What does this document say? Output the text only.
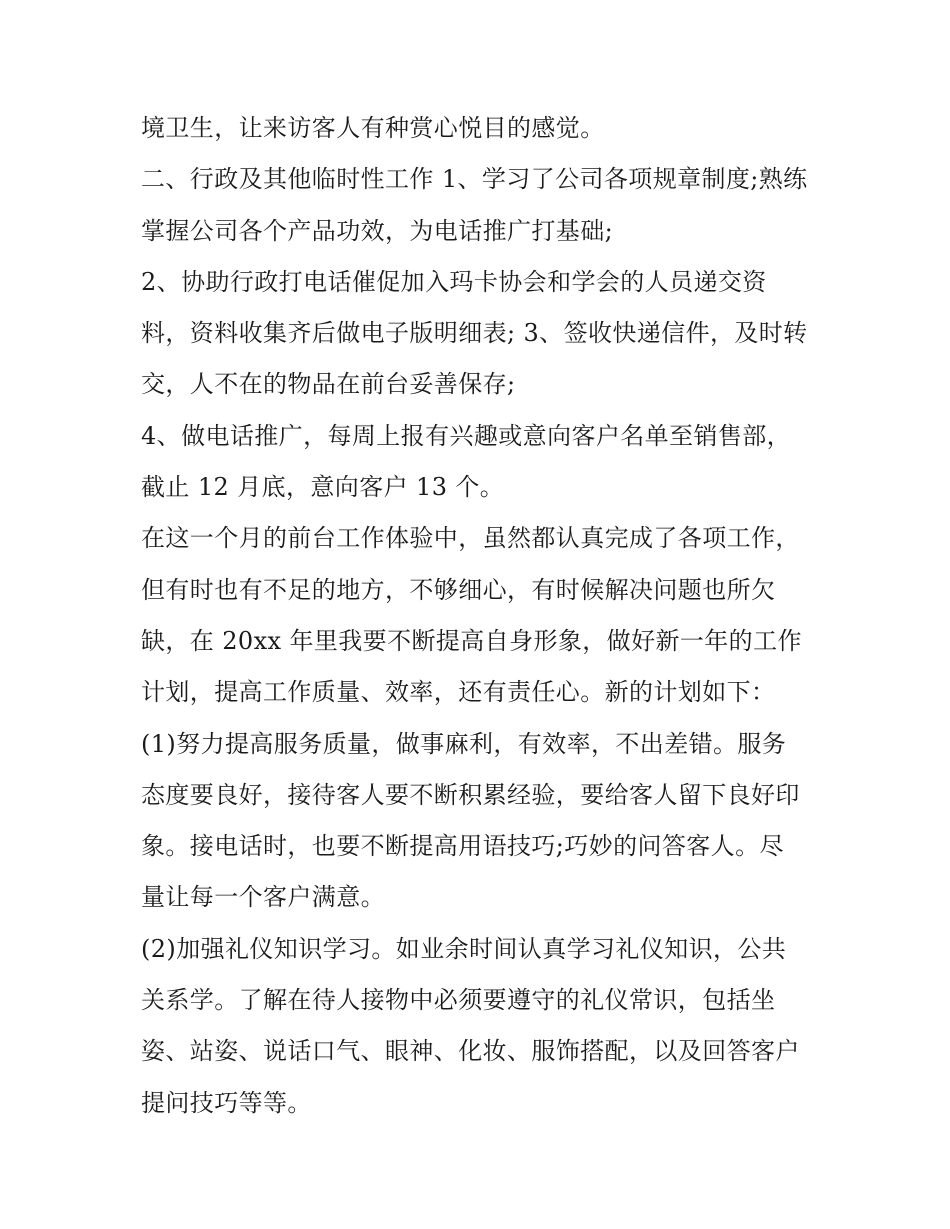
境卫生，让来访客人有种赏心悦目的感觉。

二、行政及其他临时性工作 1、学习了公司各项规章制度;熟练
掌握公司各个产品功效，为电话推广打基础;

2、协助行政打电话催促加入玛卡协会和学会的人员递交资
料，资料收集齐后做电子版明细表; 3、签收快递信件，及时转
交，人不在的物品在前台妥善保存;

4、做电话推广，每周上报有兴趣或意向客户名单至销售部，
截止 12 月底，意向客户 13 个。

在这一个月的前台工作体验中，虽然都认真完成了各项工作，
但有时也有不足的地方，不够细心，有时候解决问题也所欠
缺，在 20xx 年里我要不断提高自身形象，做好新一年的工作
计划，提高工作质量、效率，还有责任心。新的计划如下：

(1)努力提高服务质量，做事麻利，有效率，不出差错。服务
态度要良好，接待客人要不断积累经验，要给客人留下良好印
象。接电话时，也要不断提高用语技巧;巧妙的问答客人。尽
量让每一个客户满意。

(2)加强礼仪知识学习。如业余时间认真学习礼仪知识，公共
关系学。了解在待人接物中必须要遵守的礼仪常识，包括坐
姿、站姿、说话口气、眼神、化妆、服饰搭配，以及回答客户
提问技巧等等。
